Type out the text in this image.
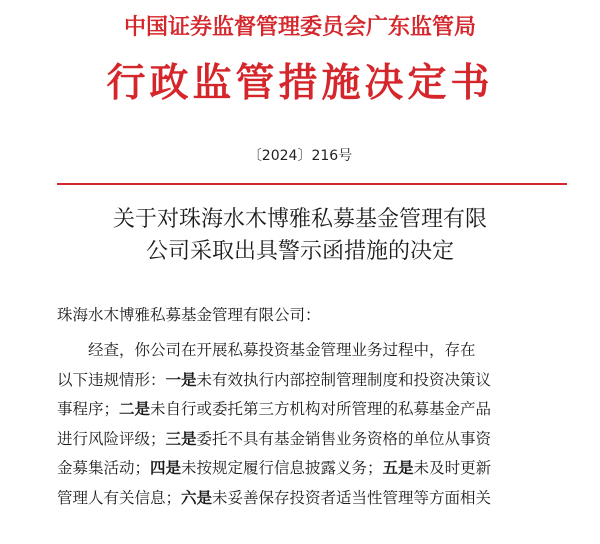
中国证券监督管理委员会广东监管局
行政监管措施决定书
〔2024〕216号
关于对珠海水木博雅私募基金管理有限
公司采取出具警示函措施的决定
珠海水木博雅私募基金管理有限公司：
经查，你公司在开展私募投资基金管理业务过程中，存在
以下违规情形：一是未有效执行内部控制管理制度和投资决策议
事程序；二是未自行或委托第三方机构对所管理的私募基金产品
进行风险评级；三是委托不具有基金销售业务资格的单位从事资
金募集活动；四是未按规定履行信息披露义务；五是未及时更新
管理人有关信息；六是未妥善保存投资者适当性管理等方面相关
